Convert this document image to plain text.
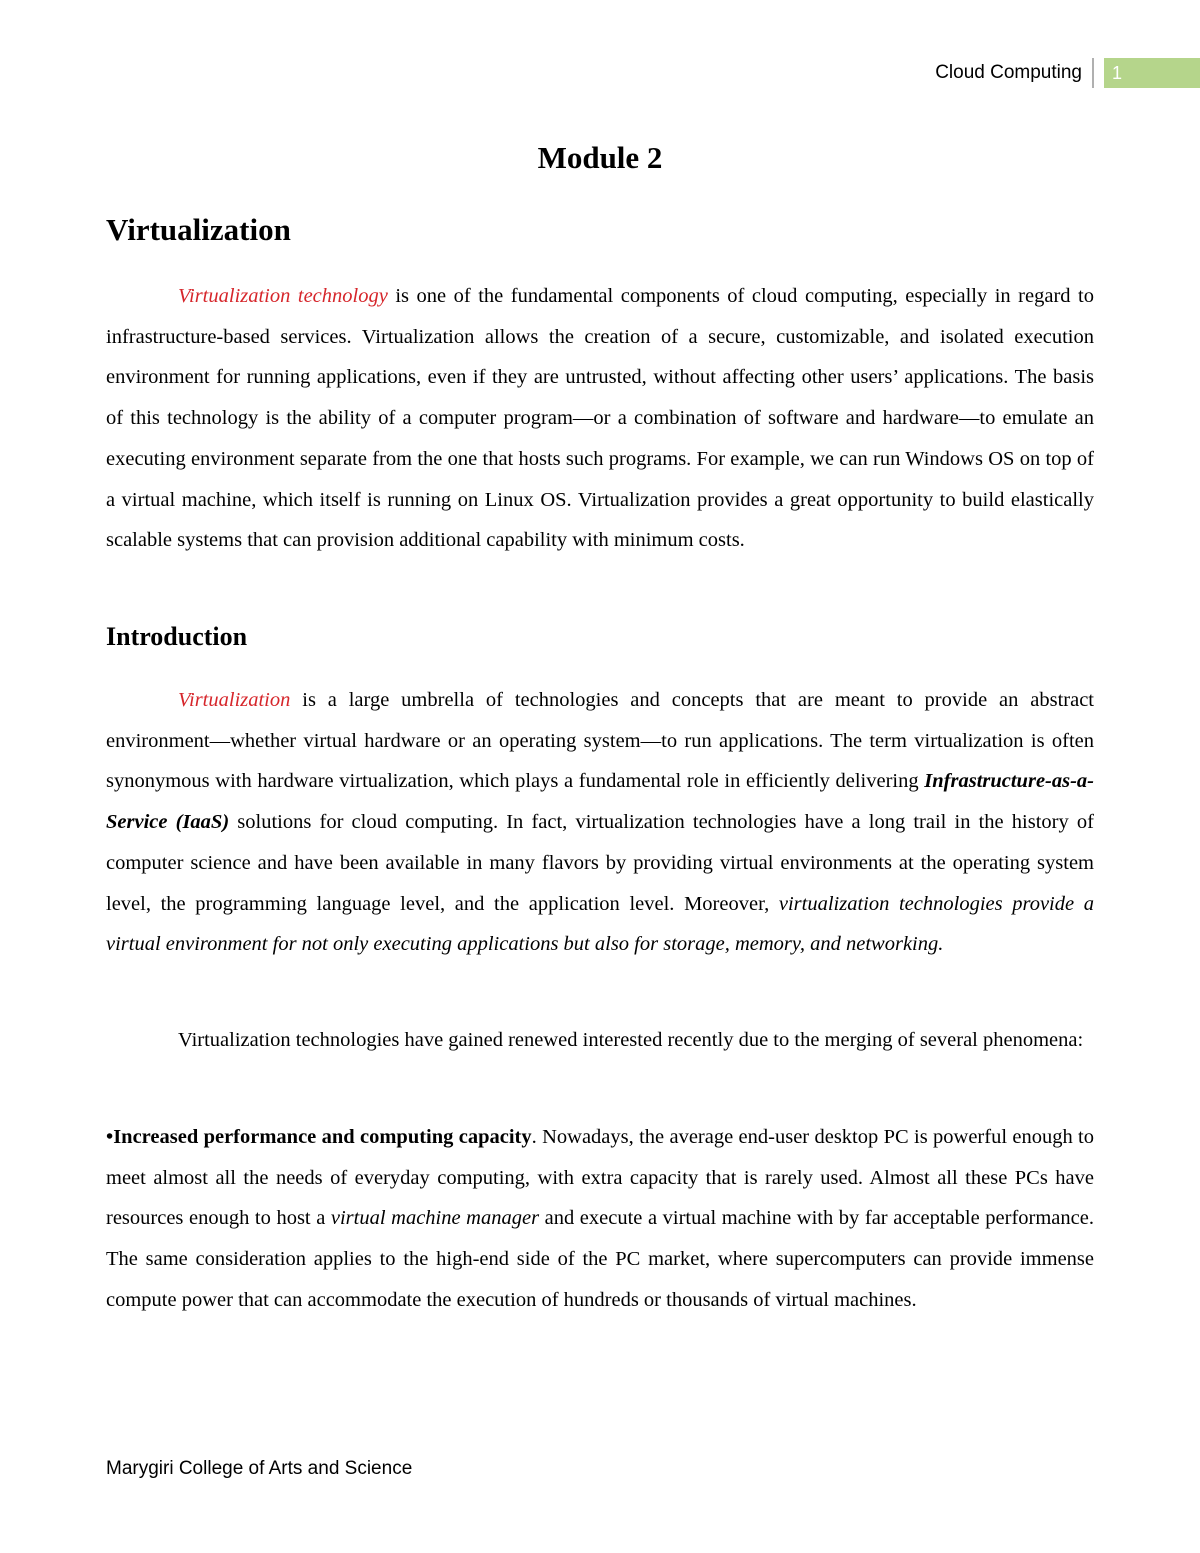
Cloud Computing	1
Module 2
Virtualization

Virtualization technology is one of the fundamental components of cloud computing, especially in regard to infrastructure-based services. Virtualization allows the creation of a secure, customizable, and isolated execution environment for running applications, even if they are untrusted, without affecting other users’ applications. The basis of this technology is the ability of a computer program—or a combination of software and hardware—to emulate an executing environment separate from the one that hosts such programs. For example, we can run Windows OS on top of a virtual machine, which itself is running on Linux OS. Virtualization provides a great opportunity to build elastically scalable systems that can provision additional capability with minimum costs.

Introduction

Virtualization is a large umbrella of technologies and concepts that are meant to provide an abstract environment—whether virtual hardware or an operating system—to run applications. The term virtualization is often synonymous with hardware virtualization, which plays a fundamental role in efficiently delivering Infrastructure-as-a-Service (IaaS) solutions for cloud computing. In fact, virtualization technologies have a long trail in the history of computer science and have been available in many flavors by providing virtual environments at the operating system level, the programming language level, and the application level. Moreover, virtualization technologies provide a virtual environment for not only executing applications but also for storage, memory, and networking.

Virtualization technologies have gained renewed interested recently due to the merging of several phenomena:

•Increased performance and computing capacity. Nowadays, the average end-user desktop PC is powerful enough to meet almost all the needs of everyday computing, with extra capacity that is rarely used. Almost all these PCs have resources enough to host a virtual machine manager and execute a virtual machine with by far acceptable performance. The same consideration applies to the high-end side of the PC market, where supercomputers can provide immense compute power that can accommodate the execution of hundreds or thousands of virtual machines.

Marygiri College of Arts and Science
